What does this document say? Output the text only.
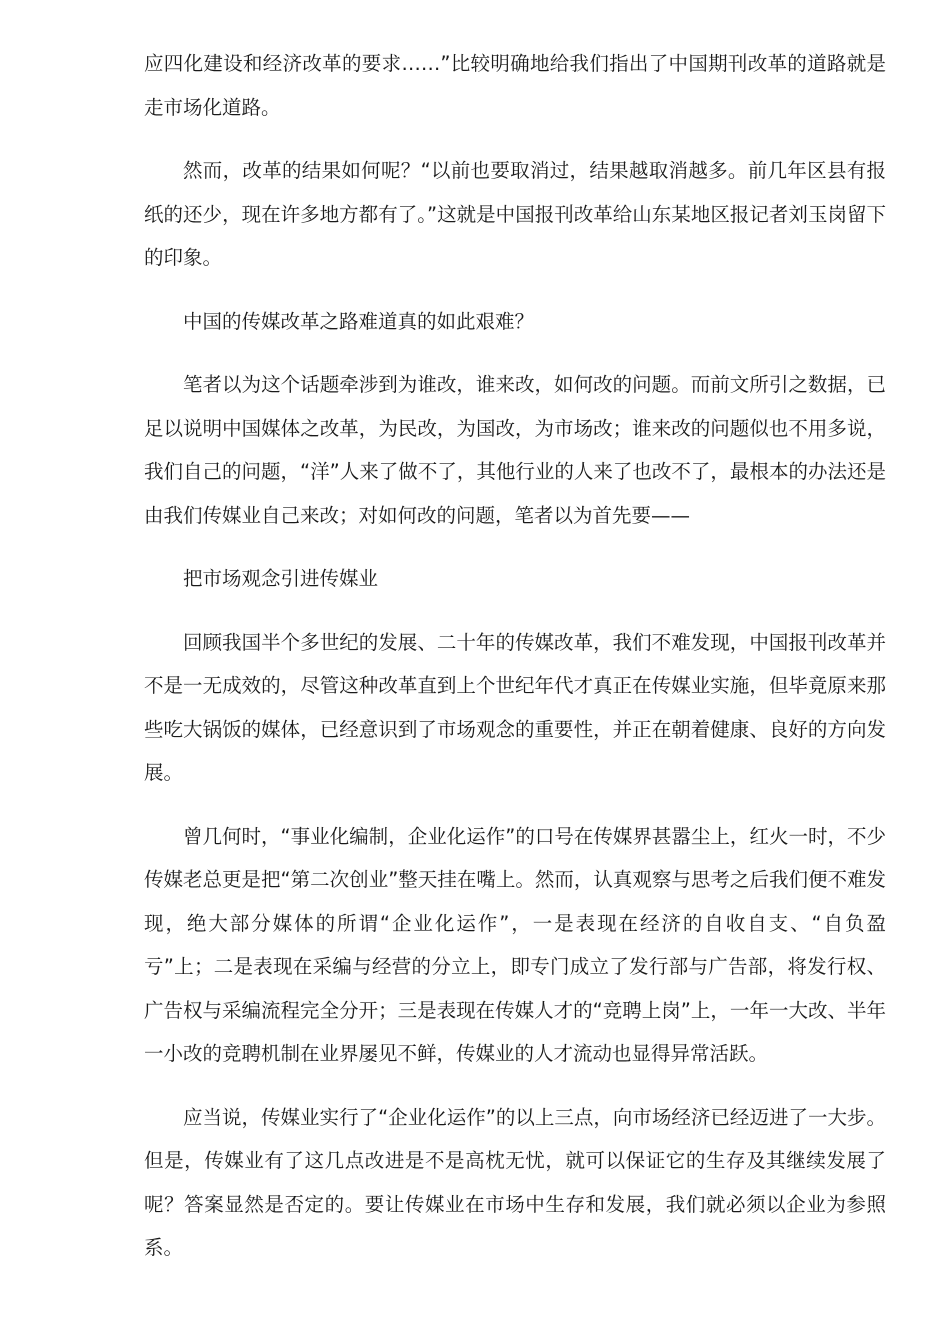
应四化建设和经济改革的要求……”比较明确地给我们指出了中国期刊改革的道路就是走市场化道路。

然而，改革的结果如何呢？“以前也要取消过，结果越取消越多。前几年区县有报纸的还少，现在许多地方都有了。”这就是中国报刊改革给山东某地区报记者刘玉岗留下的印象。

中国的传媒改革之路难道真的如此艰难？

笔者以为这个话题牵涉到为谁改，谁来改，如何改的问题。而前文所引之数据，已足以说明中国媒体之改革，为民改，为国改，为市场改；谁来改的问题似也不用多说，我们自己的问题，“洋”人来了做不了，其他行业的人来了也改不了，最根本的办法还是由我们传媒业自己来改；对如何改的问题，笔者以为首先要——

把市场观念引进传媒业

回顾我国半个多世纪的发展、二十年的传媒改革，我们不难发现，中国报刊改革并不是一无成效的，尽管这种改革直到上个世纪年代才真正在传媒业实施，但毕竟原来那些吃大锅饭的媒体，已经意识到了市场观念的重要性，并正在朝着健康、良好的方向发展。

曾几何时，“事业化编制，企业化运作”的口号在传媒界甚嚣尘上，红火一时，不少传媒老总更是把“第二次创业”整天挂在嘴上。然而，认真观察与思考之后我们便不难发现，绝大部分媒体的所谓“企业化运作”，一是表现在经济的自收自支、“自负盈亏”上；二是表现在采编与经营的分立上，即专门成立了发行部与广告部，将发行权、广告权与采编流程完全分开；三是表现在传媒人才的“竞聘上岗”上，一年一大改、半年一小改的竞聘机制在业界屡见不鲜，传媒业的人才流动也显得异常活跃。

应当说，传媒业实行了“企业化运作”的以上三点，向市场经济已经迈进了一大步。但是，传媒业有了这几点改进是不是高枕无忧，就可以保证它的生存及其继续发展了呢？答案显然是否定的。要让传媒业在市场中生存和发展，我们就必须以企业为参照系。
